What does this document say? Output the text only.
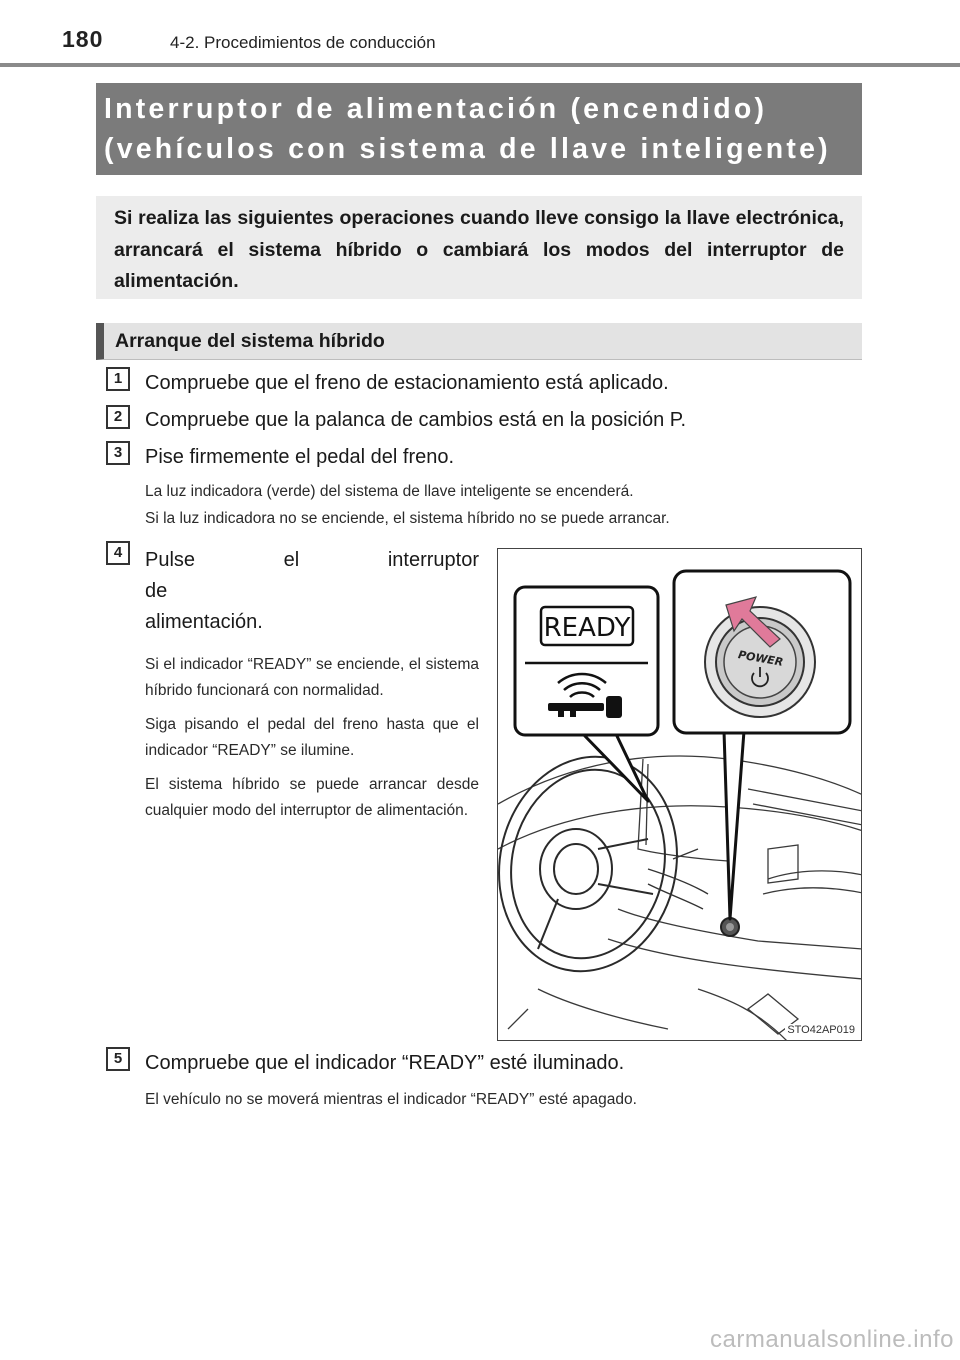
180	4-2. Procedimientos de conducción
Interruptor de alimentación (encendido)
(vehículos con sistema de llave inteligente)

Si realiza las siguientes operaciones cuando lleve consigo la llave electrónica, arrancará el sistema híbrido o cambiará los modos del interruptor de alimentación.

Arranque del sistema híbrido
1	Compruebe que el freno de estacionamiento está aplicado.
2	Compruebe que la palanca de cambios está en la posición P.
3	Pise firmemente el pedal del freno.
La luz indicadora (verde) del sistema de llave inteligente se encenderá.
Si la luz indicadora no se enciende, el sistema híbrido no se puede arrancar.
4	Pulse el interruptor de
alimentación.

Si el indicador “READY” se enciende, el sistema híbrido funcionará con normalidad.

Siga pisando el pedal del freno hasta que el indicador “READY” se ilumine.

El sistema híbrido se puede arrancar desde cualquier modo del interruptor de alimentación.

READY
POWER
STO42AP019
5	Compruebe que el indicador “READY” esté iluminado.
El vehículo no se moverá mientras el indicador “READY” esté apagado.
carmanualsonline.info
